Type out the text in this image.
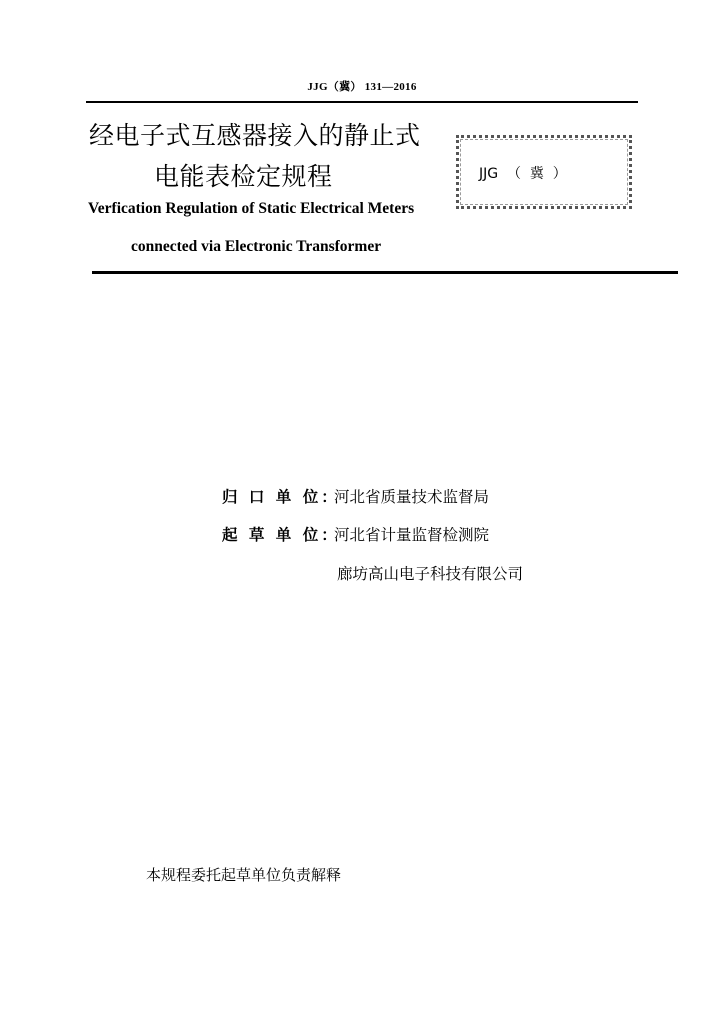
JJG（冀） 131—2016
经电子式互感器接入的静止式
电能表检定规程	JJG  （  冀  ）
Verfication Regulation of Static Electrical Meters
connected via Electronic Transformer
归 口 单 位：
河北省质量技术监督局
起 草 单 位：
河北省计量监督检测院
廊坊高山电子科技有限公司
本规程委托起草单位负责解释
